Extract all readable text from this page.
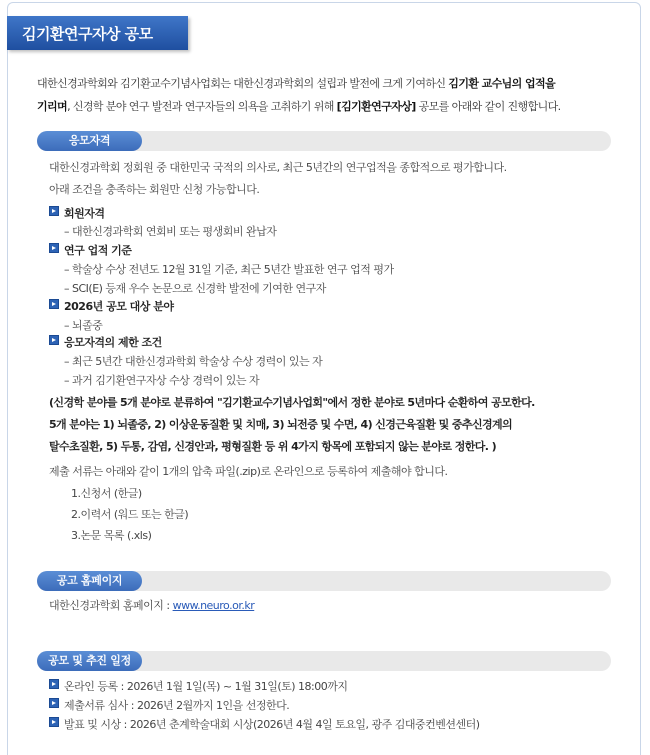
김기환연구자상 공모
대한신경과학회와 김기환교수기념사업회는 대한신경과학회의 설립과 발전에 크게 기여하신 김기환 교수님의 업적을
기리며, 신경학 분야 연구 발전과 연구자들의 의욕을 고취하기 위해 [김기환연구자상] 공모를 아래와 같이 진행합니다.
응모자격
대한신경과학회 정회원 중 대한민국 국적의 의사로, 최근 5년간의 연구업적을 종합적으로 평가합니다.
아래 조건을 충족하는 회원만 신청 가능합니다.
회원자격
– 대한신경과학회 연회비 또는 평생회비 완납자
연구 업적 기준
– 학술상 수상 전년도 12월 31일 기준, 최근 5년간 발표한 연구 업적 평가
– SCI(E) 등재 우수 논문으로 신경학 발전에 기여한 연구자
2026년 공모 대상 분야
– 뇌졸중
응모자격의 제한 조건
– 최근 5년간 대한신경과학회 학술상 수상 경력이 있는 자
– 과거 김기환연구자상 수상 경력이 있는 자
(신경학 분야를 5개 분야로 분류하여 "김기환교수기념사업회"에서 정한 분야로 5년마다 순환하여 공모한다.
5개 분야는 1) 뇌졸중, 2) 이상운동질환 및 치매, 3) 뇌전증 및 수면, 4) 신경근육질환 및 중추신경계의
탈수초질환, 5) 두통, 감염, 신경안과, 평형질환 등 위 4가지 항목에 포함되지 않는 분야로 정한다. )
제출 서류는 아래와 같이 1개의 압축 파일(.zip)로 온라인으로 등록하여 제출해야 합니다.
1.신청서 (한글)
2.이력서 (워드 또는 한글)
3.논문 목록 (.xls)
공고 홈페이지
대한신경과학회 홈페이지 : www.neuro.or.kr
공모 및 추진 일정
온라인 등록 : 2026년 1월 1일(목) ~ 1월 31일(토) 18:00까지
제출서류 심사 : 2026년 2월까지 1인을 선정한다.
발표 및 시상 : 2026년 춘계학술대회 시상(2026년 4월 4일 토요일, 광주 김대중컨벤션센터)
